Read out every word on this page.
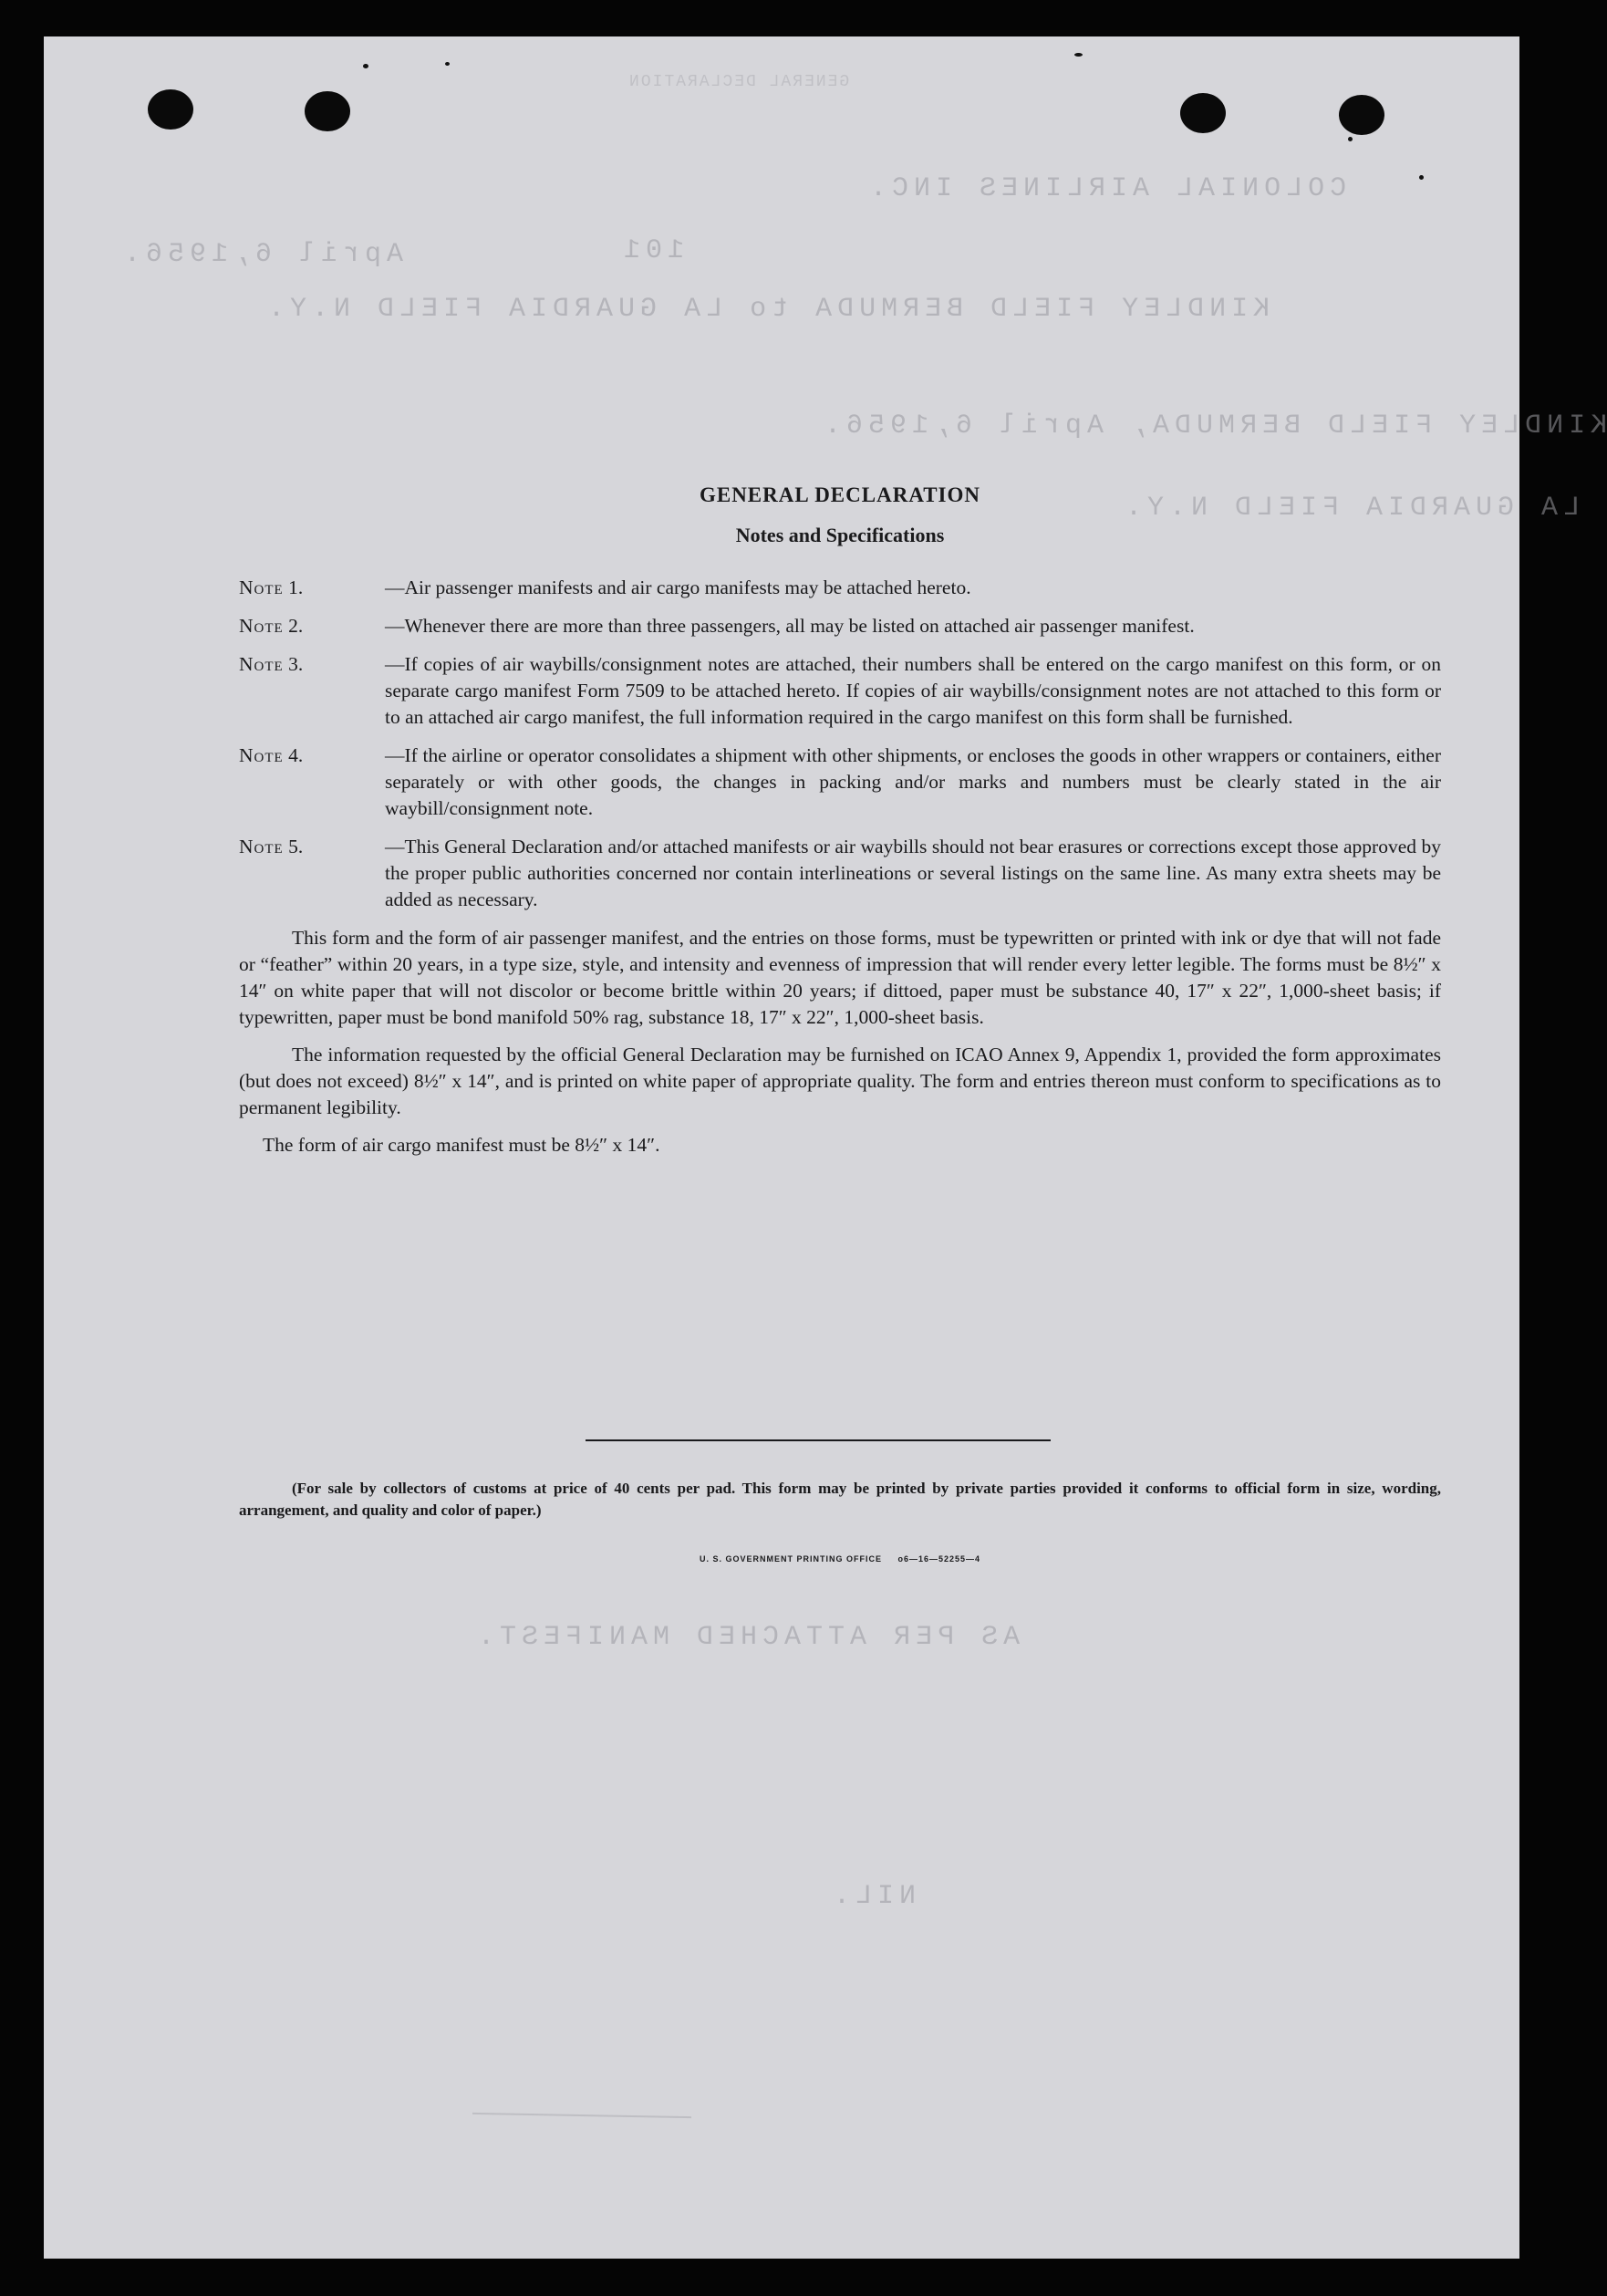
GENERAL DECLARATION
COLONIAL AIRLINES INC.
April 6,1956.	101
KINDLEY FIELD BERMUDA to LA GUARDIA FIELD N.Y.
KINDLEY FIELD BERMUDA, April 6,1956.
LA GUARDIA FIELD N.Y.
AS PER ATTACHED MANIFEST.
NIL.
GENERAL DECLARATION
Notes and Specifications
Note 1.	—Air passenger manifests and air cargo manifests may be attached hereto.
Note 2.	—Whenever there are more than three passengers, all may be listed on attached air passenger manifest.
Note 3.	—If copies of air waybills/consignment notes are attached, their numbers shall be entered on the cargo manifest on this form, or on separate cargo manifest Form 7509 to be attached hereto. If copies of air waybills/consignment notes are not attached to this form or to an attached air cargo manifest, the full information required in the cargo manifest on this form shall be furnished.
Note 4.	—If the airline or operator consolidates a shipment with other shipments, or encloses the goods in other wrappers or containers, either separately or with other goods, the changes in packing and/or marks and numbers must be clearly stated in the air waybill/consignment note.
Note 5.	—This General Declaration and/or attached manifests or air waybills should not bear erasures or corrections except those approved by the proper public authorities concerned nor contain interlineations or several listings on the same line. As many extra sheets may be added as necessary.

This form and the form of air passenger manifest, and the entries on those forms, must be typewritten or printed with ink or dye that will not fade or “feather” within 20 years, in a type size, style, and intensity and evenness of impression that will render every letter legible. The forms must be 8½″ x 14″ on white paper that will not discolor or become brittle within 20 years; if dittoed, paper must be substance 40, 17″ x 22″, 1,000-sheet basis; if typewritten, paper must be bond manifold 50% rag, substance 18, 17″ x 22″, 1,000-sheet basis.

The information requested by the official General Declaration may be furnished on ICAO Annex 9, Appendix 1, provided the form approximates (but does not exceed) 8½″ x 14″, and is printed on white paper of appropriate quality. The form and entries thereon must conform to specifications as to permanent legibility.

The form of air cargo manifest must be 8½″ x 14″.

(For sale by collectors of customs at price of 40 cents per pad. This form may be printed by private parties provided it conforms to official form in size, wording, arrangement, and quality and color of paper.)
U. S. GOVERNMENT PRINTING OFFICE     o6—16—52255—4
